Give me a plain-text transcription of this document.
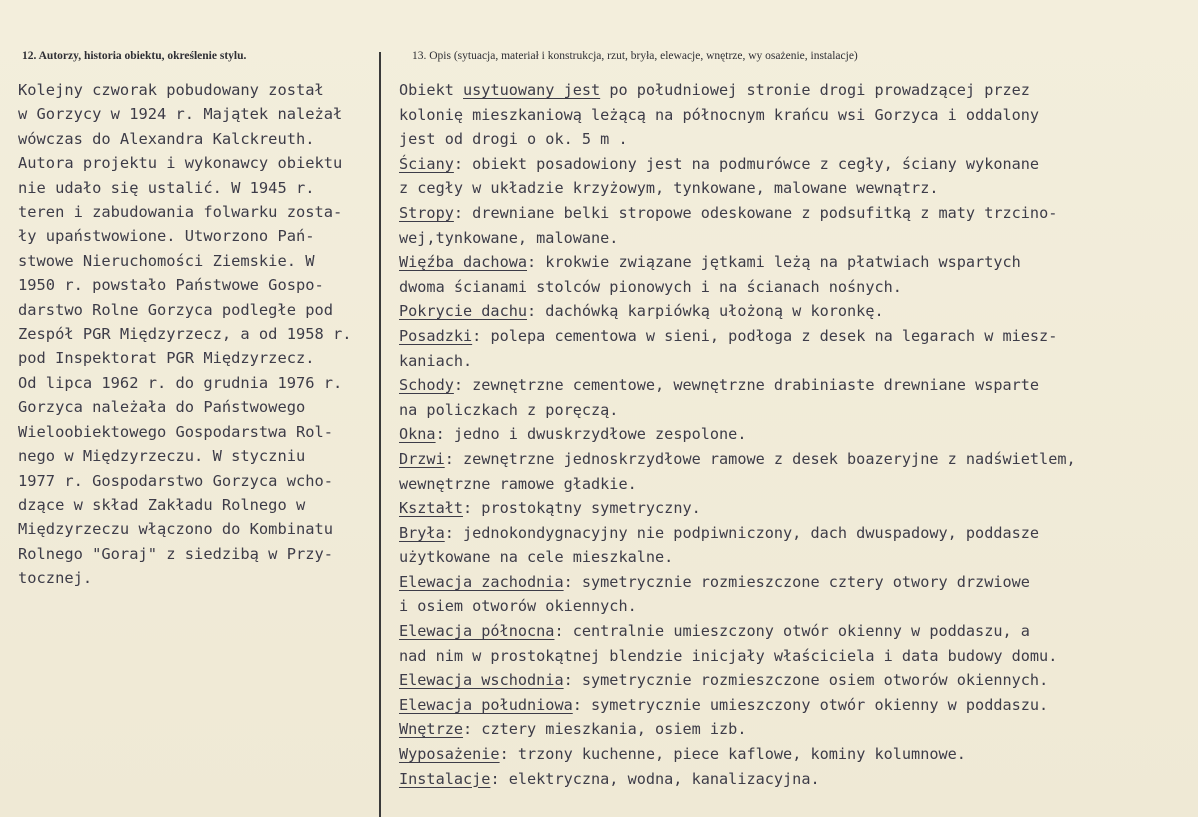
12. Autorzy, historia obiektu, określenie stylu.	13. Opis (sytuacja, materiał i konstrukcja, rzut, bryła, elewacje, wnętrze, wy osażenie, instalacje)
Kolejny czworak pobudowany został
w Gorzycy w 1924 r. Majątek należał
wówczas do Alexandra Kalckreuth.
Autora projektu i wykonawcy obiektu
nie udało się ustalić. W 1945 r.
teren i zabudowania folwarku zosta-
ły upaństwowione. Utworzono Pań-
stwowe Nieruchomości Ziemskie. W
1950 r. powstało Państwowe Gospo-
darstwo Rolne Gorzyca podległe pod
Zespół PGR Międzyrzecz, a od 1958 r.
pod Inspektorat PGR Międzyrzecz.
Od lipca 1962 r. do grudnia 1976 r.
Gorzyca należała do Państwowego
Wieloobiektowego Gospodarstwa Rol-
nego w Międzyrzeczu. W styczniu
1977 r. Gospodarstwo Gorzyca wcho-
dzące w skład Zakładu Rolnego w
Międzyrzeczu włączono do Kombinatu
Rolnego "Goraj" z siedzibą w Przy-
tocznej.
Obiekt usytuowany jest po południowej stronie drogi prowadzącej przez
kolonię mieszkaniową leżącą na północnym krańcu wsi Gorzyca i oddalony
jest od drogi o ok. 5 m .
Ściany: obiekt posadowiony jest na podmurówce z cegły, ściany wykonane
z cegły w układzie krzyżowym, tynkowane, malowane wewnątrz.
Stropy: drewniane belki stropowe odeskowane z podsufitką z maty trzcino-
wej,tynkowane, malowane.
Więźba dachowa: krokwie związane jętkami leżą na płatwiach wspartych
dwoma ścianami stolców pionowych i na ścianach nośnych.
Pokrycie dachu: dachówką karpiówką ułożoną w koronkę.
Posadzki: polepa cementowa w sieni, podłoga z desek na legarach w miesz-
kaniach.
Schody: zewnętrzne cementowe, wewnętrzne drabiniaste drewniane wsparte
na policzkach z poręczą.
Okna: jedno i dwuskrzydłowe zespolone.
Drzwi: zewnętrzne jednoskrzydłowe ramowe z desek boazeryjne z nadświetlem,
wewnętrzne ramowe gładkie.
Kształt: prostokątny symetryczny.
Bryła: jednokondygnacyjny nie podpiwniczony, dach dwuspadowy, poddasze
użytkowane na cele mieszkalne.
Elewacja zachodnia: symetrycznie rozmieszczone cztery otwory drzwiowe
i osiem otworów okiennych.
Elewacja północna: centralnie umieszczony otwór okienny w poddaszu, a
nad nim w prostokątnej blendzie inicjały właściciela i data budowy domu.
Elewacja wschodnia: symetrycznie rozmieszczone osiem otworów okiennych.
Elewacja południowa: symetrycznie umieszczony otwór okienny w poddaszu.
Wnętrze: cztery mieszkania, osiem izb.
Wyposażenie: trzony kuchenne, piece kaflowe, kominy kolumnowe.
Instalacje: elektryczna, wodna, kanalizacyjna.
